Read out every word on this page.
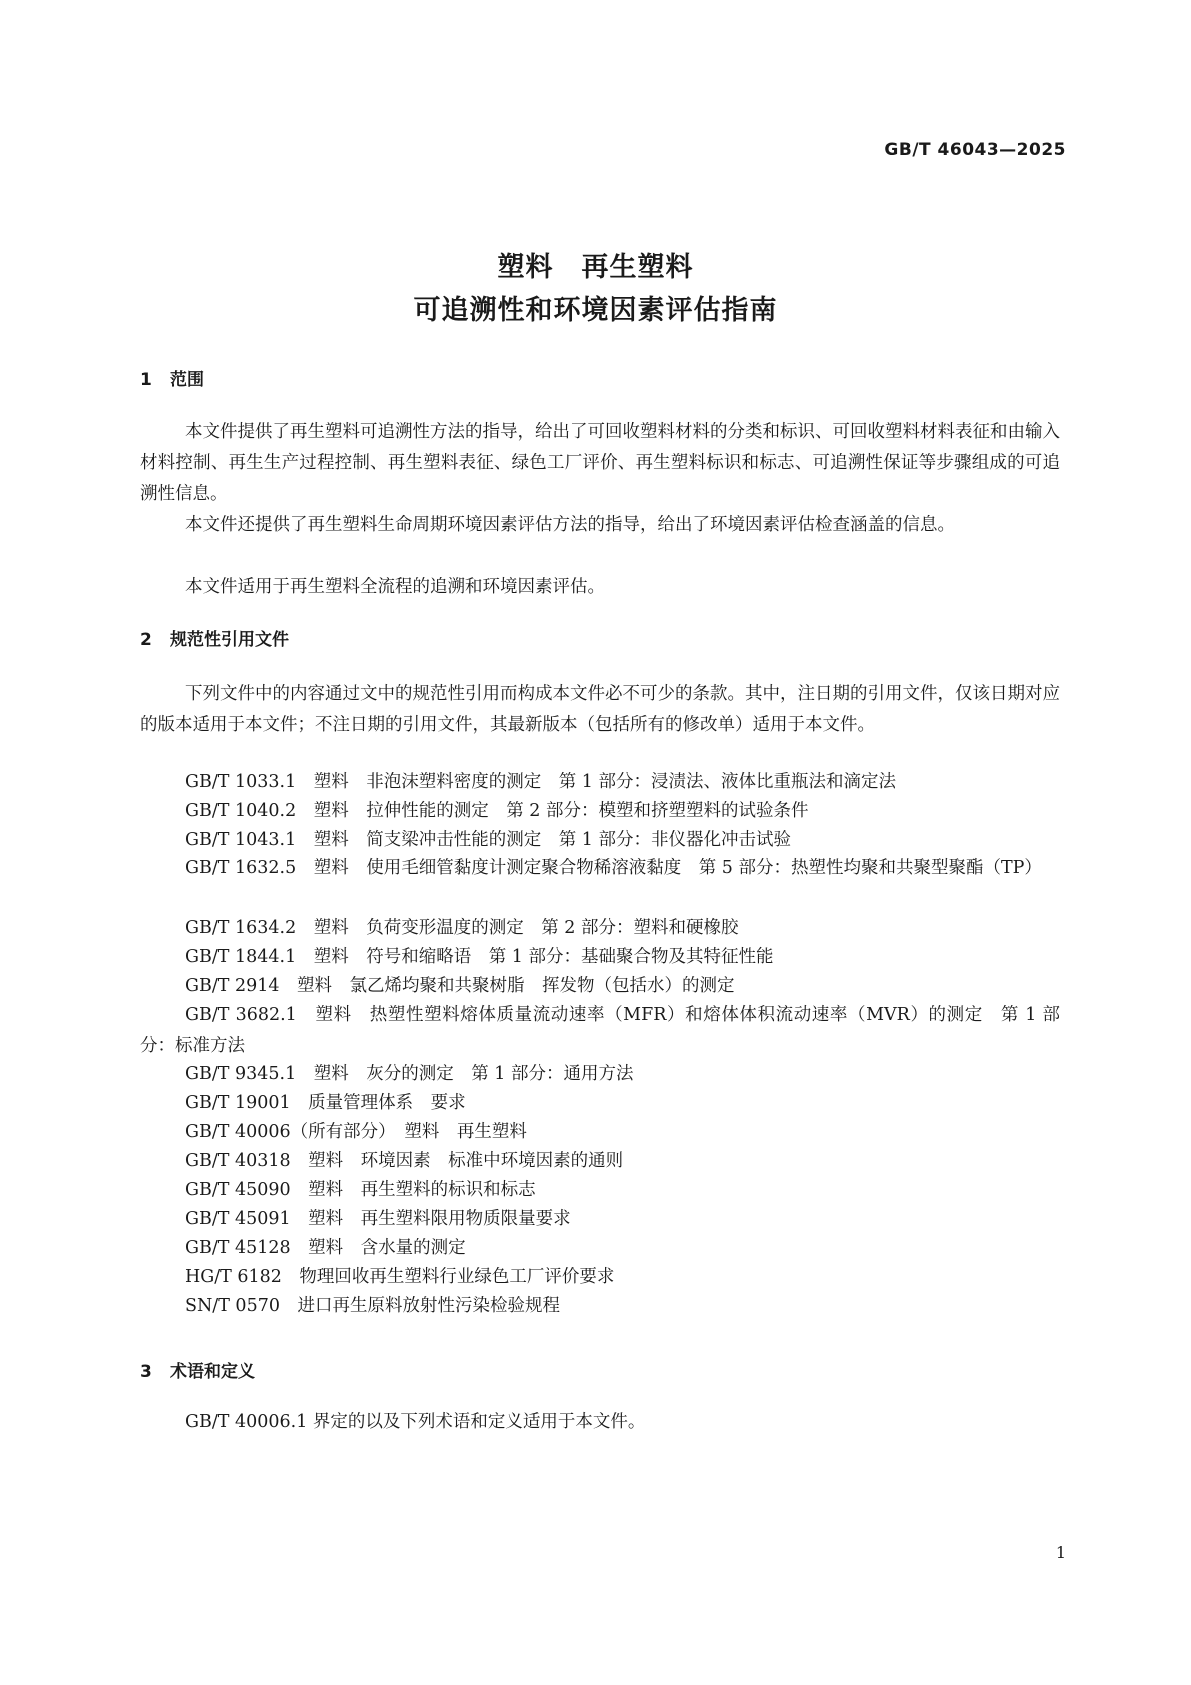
GB/T 46043—2025
塑料　再生塑料
可追溯性和环境因素评估指南
1 范围
本文件提供了再生塑料可追溯性方法的指导，给出了可回收塑料材料的分类和标识、可回收塑料材料表征和由输入材料控制、再生生产过程控制、再生塑料表征、绿色工厂评价、再生塑料标识和标志、可追溯性保证等步骤组成的可追溯性信息。
本文件还提供了再生塑料生命周期环境因素评估方法的指导，给出了环境因素评估检查涵盖的信息。
本文件适用于再生塑料全流程的追溯和环境因素评估。
2 规范性引用文件
下列文件中的内容通过文中的规范性引用而构成本文件必不可少的条款。其中，注日期的引用文件，仅该日期对应的版本适用于本文件；不注日期的引用文件，其最新版本（包括所有的修改单）适用于本文件。
GB/T 1033.1　塑料　非泡沫塑料密度的测定　第 1 部分：浸渍法、液体比重瓶法和滴定法
GB/T 1040.2　塑料　拉伸性能的测定　第 2 部分：模塑和挤塑塑料的试验条件
GB/T 1043.1　塑料　简支梁冲击性能的测定　第 1 部分：非仪器化冲击试验
GB/T 1632.5　塑料　使用毛细管黏度计测定聚合物稀溶液黏度　第 5 部分：热塑性均聚和共聚型聚酯（TP）
GB/T 1634.2　塑料　负荷变形温度的测定　第 2 部分：塑料和硬橡胶
GB/T 1844.1　塑料　符号和缩略语　第 1 部分：基础聚合物及其特征性能
GB/T 2914　塑料　氯乙烯均聚和共聚树脂　挥发物（包括水）的测定
GB/T 3682.1　塑料　热塑性塑料熔体质量流动速率（MFR）和熔体体积流动速率（MVR）的测定　第 1 部分：标准方法
GB/T 9345.1　塑料　灰分的测定　第 1 部分：通用方法
GB/T 19001　质量管理体系　要求
GB/T 40006（所有部分）　塑料　再生塑料
GB/T 40318　塑料　环境因素　标准中环境因素的通则
GB/T 45090　塑料　再生塑料的标识和标志
GB/T 45091　塑料　再生塑料限用物质限量要求
GB/T 45128　塑料　含水量的测定
HG/T 6182　物理回收再生塑料行业绿色工厂评价要求
SN/T 0570　进口再生原料放射性污染检验规程
3 术语和定义
GB/T 40006.1 界定的以及下列术语和定义适用于本文件。
1
